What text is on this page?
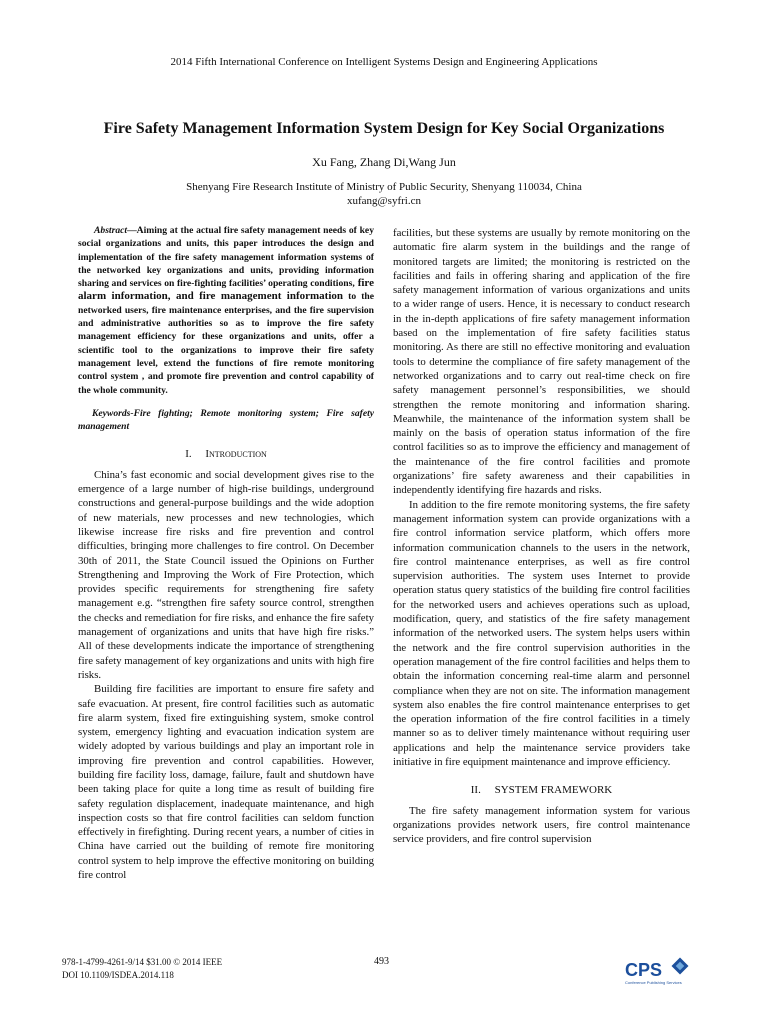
2014 Fifth International Conference on Intelligent Systems Design and Engineering Applications
Fire Safety Management Information System Design for Key Social Organizations
Xu Fang, Zhang Di,Wang Jun
Shenyang Fire Research Institute of Ministry of Public Security, Shenyang 110034, China
xufang@syfri.cn

Abstract—Aiming at the actual fire safety management needs of key social organizations and units, this paper introduces the design and implementation of the fire safety management information systems of the networked key organizations and units, providing information sharing and services on fire-fighting facilities’ operating conditions, fire alarm information, and fire management information to the networked users, fire maintenance enterprises, and the fire supervision and administrative authorities so as to improve the fire safety management efficiency for these organizations and units, offer a scientific tool to the organizations to improve their fire safety management level, extend the functions of fire remote monitoring control system , and promote fire prevention and control capability of the whole community.

Keywords-Fire fighting; Remote monitoring system; Fire safety management

I. Introduction

China’s fast economic and social development gives rise to the emergence of a large number of high-rise buildings, underground constructions and general-purpose buildings and the wide adoption of new materials, new processes and new technologies, which likewise increase fire risks and fire prevention and control difficulties, bringing more challenges to fire control. On December 30th of 2011, the State Council issued the Opinions on Further Strengthening and Improving the Work of Fire Protection, which provides specific requirements for strengthening fire safety management e.g. “strengthen fire safety source control, strengthen the checks and remediation for fire risks, and enhance the fire safety management of organizations and units that have high fire risks.” All of these developments indicate the importance of strengthening fire safety management of key organizations and units with high fire risks.

Building fire facilities are important to ensure fire safety and safe evacuation. At present, fire control facilities such as automatic fire alarm system, fixed fire extinguishing system, smoke control system, emergency lighting and evacuation indication system are widely adopted by various buildings and play an important role in improving fire prevention and control capabilities. However, building fire facility loss, damage, failure, fault and shutdown have been taking place for quite a long time as result of building fire safety regulation displacement, inadequate maintenance, and high inspection costs so that fire control facilities can seldom function effectively in firefighting. During recent years, a number of cities in China have carried out the building of remote fire monitoring control system to help improve the effective monitoring on building fire control

facilities, but these systems are usually by remote monitoring on the automatic fire alarm system in the buildings and the range of monitored targets are limited; the monitoring is restricted on the facilities and fails in offering sharing and application of the fire safety management information of various organizations and units to a wider range of users. Hence, it is necessary to conduct research in the in-depth applications of fire safety management information based on the implementation of fire safety facilities status monitoring. As there are still no effective monitoring and evaluation tools to determine the compliance of fire safety management of the networked organizations and to carry out real-time check on fire safety management personnel’s responsibilities, we should strengthen the remote monitoring and information sharing. Meanwhile, the maintenance of the information system shall be mainly on the basis of operation status information of the fire control facilities so as to improve the efficiency and management of the maintenance of the fire control facilities and promote organizations’ fire safety awareness and their capabilities in independently identifying fire hazards and risks.

In addition to the fire remote monitoring systems, the fire safety management information system can provide organizations with a fire control information service platform, which offers more information communication channels to the users in the network, fire control maintenance enterprises, as well as fire control supervision authorities. The system uses Internet to provide operation status query statistics of the building fire control facilities for the networked users and achieves operations such as upload, modification, query, and statistics of the fire safety management information of the networked users. The system helps users within the network and the fire control supervision authorities in the operation management of the fire control facilities and helps them to obtain the information concerning real-time alarm and personnel compliance when they are not on site. The information management system also enables the fire control maintenance enterprises to get the operation information of the fire control facilities in a timely manner so as to deliver timely maintenance without requiring user applications and help the maintenance service providers take initiative in fire equipment maintenance and improve efficiency.

II. SYSTEM FRAMEWORK

The fire safety management information system for various organizations provides network users, fire control maintenance service providers, and fire control supervision

978-1-4799-4261-9/14 $31.00 © 2014 IEEE
DOI 10.1109/ISDEA.2014.118
493	CPS
Conference Publishing Services
